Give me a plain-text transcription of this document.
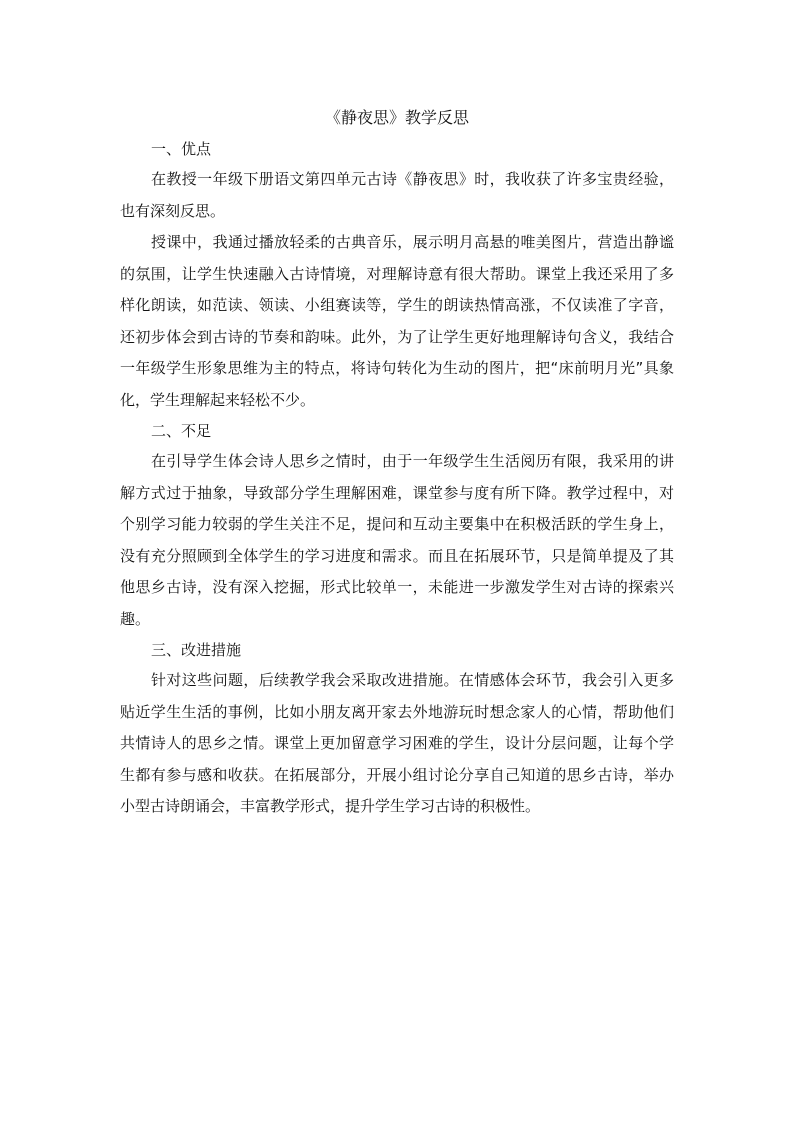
《静夜思》教学反思

一、优点

在教授一年级下册语文第四单元古诗《静夜思》时，我收获了许多宝贵经验，也有深刻反思。

授课中，我通过播放轻柔的古典音乐，展示明月高悬的唯美图片，营造出静谧的氛围，让学生快速融入古诗情境，对理解诗意有很大帮助。课堂上我还采用了多样化朗读，如范读、领读、小组赛读等，学生的朗读热情高涨，不仅读准了字音，还初步体会到古诗的节奏和韵味。此外，为了让学生更好地理解诗句含义，我结合一年级学生形象思维为主的特点，将诗句转化为生动的图片，把“床前明月光”具象化，学生理解起来轻松不少。

二、不足

在引导学生体会诗人思乡之情时，由于一年级学生生活阅历有限，我采用的讲解方式过于抽象，导致部分学生理解困难，课堂参与度有所下降。教学过程中，对个别学习能力较弱的学生关注不足，提问和互动主要集中在积极活跃的学生身上，没有充分照顾到全体学生的学习进度和需求。而且在拓展环节，只是简单提及了其他思乡古诗，没有深入挖掘，形式比较单一，未能进一步激发学生对古诗的探索兴趣。

三、改进措施

针对这些问题，后续教学我会采取改进措施。在情感体会环节，我会引入更多贴近学生生活的事例，比如小朋友离开家去外地游玩时想念家人的心情，帮助他们共情诗人的思乡之情。课堂上更加留意学习困难的学生，设计分层问题，让每个学生都有参与感和收获。在拓展部分，开展小组讨论分享自己知道的思乡古诗，举办小型古诗朗诵会，丰富教学形式，提升学生学习古诗的积极性。
